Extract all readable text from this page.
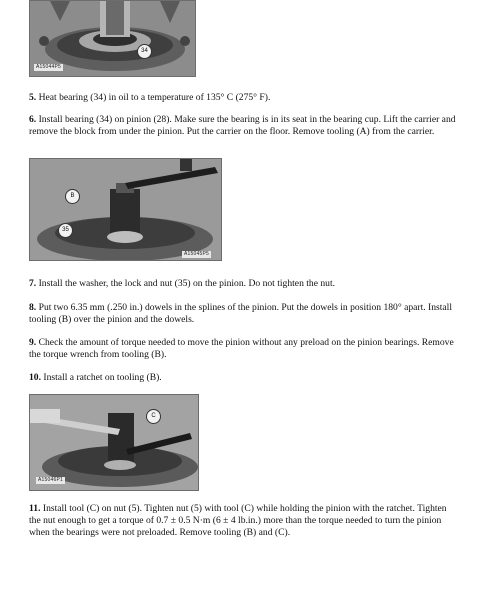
34
A15044P5
5. Heat bearing (34) in oil to a temperature of 135° C (275° F).
6. Install bearing (34) on pinion (28). Make sure the bearing is in its seat in the bearing cup. Lift the carrier and remove the block from under the pinion. Put the carrier on the floor. Remove tooling (A) from the carrier.
B
35
A15045P5
7. Install the washer, the lock and nut (35) on the pinion. Do not tighten the nut.
8. Put two 6.35 mm (.250 in.) dowels in the splines of the pinion. Put the dowels in position 180° apart. Install tooling (B) over the pinion and the dowels.
9. Check the amount of torque needed to move the pinion without any preload on the pinion bearings. Remove the torque wrench from tooling (B).
10. Install a ratchet on tooling (B).
C
A15046P1
11. Install tool (C) on nut (5). Tighten nut (5) with tool (C) while holding the pinion with the ratchet. Tighten the nut enough to get a torque of 0.7 ± 0.5 N·m (6 ± 4 lb.in.) more than the torque needed to turn the pinion when the bearings were not preloaded. Remove tooling (B) and (C).
